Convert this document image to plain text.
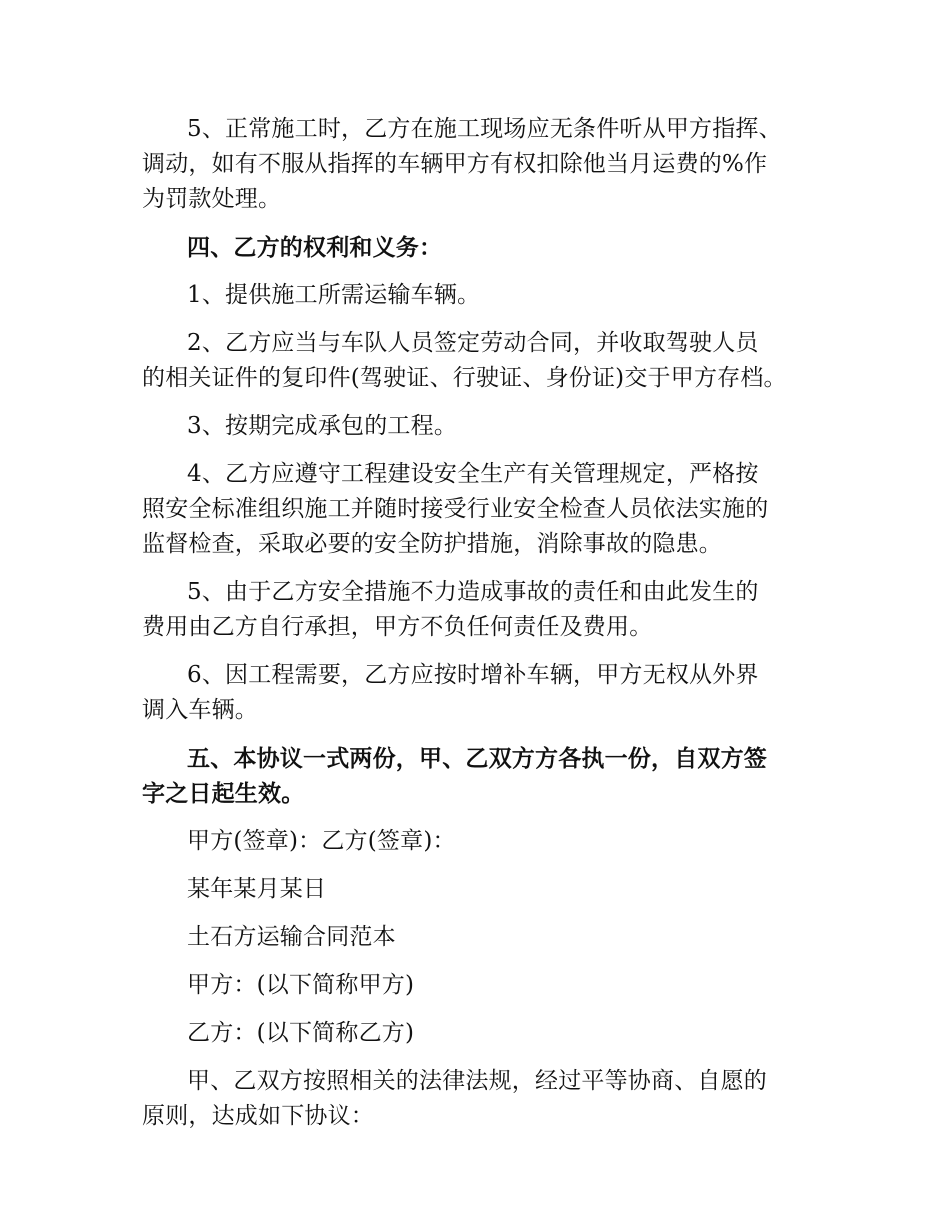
5、正常施工时，乙方在施工现场应无条件听从甲方指挥、
调动，如有不服从指挥的车辆甲方有权扣除他当月运费的%作
为罚款处理。

四、乙方的权利和义务：

1、提供施工所需运输车辆。

2、乙方应当与车队人员签定劳动合同，并收取驾驶人员
的相关证件的复印件(驾驶证、行驶证、身份证)交于甲方存档。

3、按期完成承包的工程。

4、乙方应遵守工程建设安全生产有关管理规定，严格按
照安全标准组织施工并随时接受行业安全检查人员依法实施的
监督检查，采取必要的安全防护措施，消除事故的隐患。

5、由于乙方安全措施不力造成事故的责任和由此发生的
费用由乙方自行承担，甲方不负任何责任及费用。

6、因工程需要，乙方应按时增补车辆，甲方无权从外界
调入车辆。

五、本协议一式两份，甲、乙双方方各执一份，自双方签
字之日起生效。

甲方(签章)：乙方(签章)：

某年某月某日

土石方运输合同范本

甲方：(以下简称甲方)

乙方：(以下简称乙方)

甲、乙双方按照相关的法律法规，经过平等协商、自愿的
原则，达成如下协议：
